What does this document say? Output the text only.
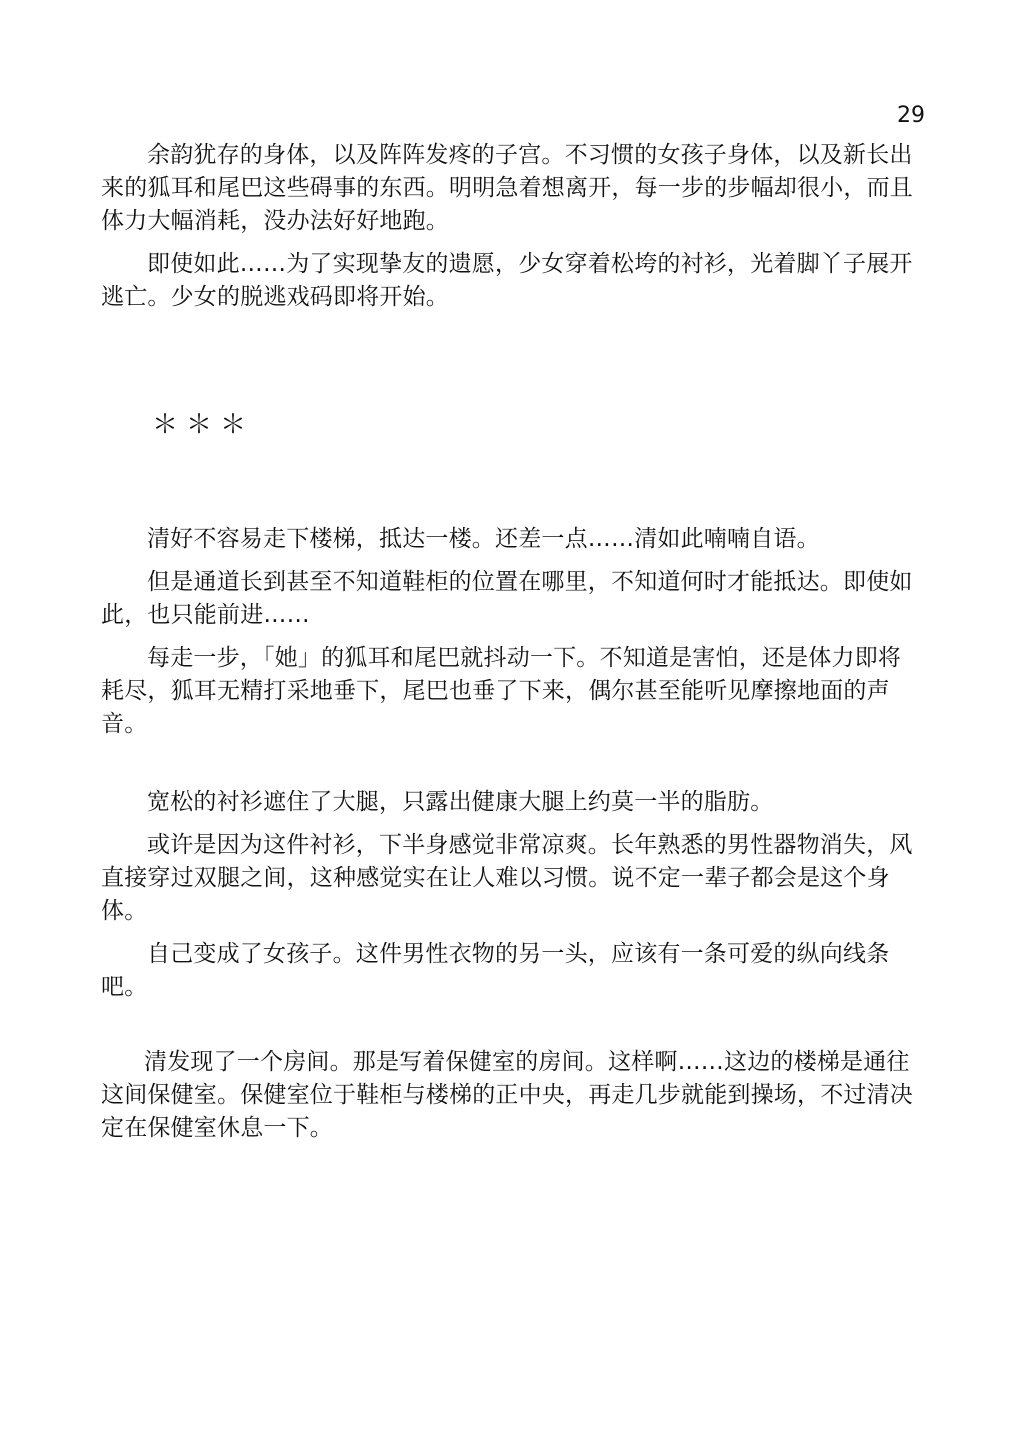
29

余韵犹存的身体，以及阵阵发疼的子宫。不习惯的女孩子身体，以及新长出来的狐耳和尾巴这些碍事的东西。明明急着想离开，每一步的步幅却很小，而且体力大幅消耗，没办法好好地跑。

即使如此……为了实现挚友的遗愿，少女穿着松垮的衬衫，光着脚丫子展开逃亡。少女的脱逃戏码即将开始。

＊＊＊

清好不容易走下楼梯，抵达一楼。还差一点……清如此喃喃自语。

但是通道长到甚至不知道鞋柜的位置在哪里，不知道何时才能抵达。即使如此，也只能前进……

每走一步，「她」的狐耳和尾巴就抖动一下。不知道是害怕，还是体力即将耗尽，狐耳无精打采地垂下，尾巴也垂了下来，偶尔甚至能听见摩擦地面的声音。

宽松的衬衫遮住了大腿，只露出健康大腿上约莫一半的脂肪。

或许是因为这件衬衫，下半身感觉非常凉爽。长年熟悉的男性器物消失，风直接穿过双腿之间，这种感觉实在让人难以习惯。说不定一辈子都会是这个身体。

自己变成了女孩子。这件男性衣物的另一头，应该有一条可爱的纵向线条吧。

清发现了一个房间。那是写着保健室的房间。这样啊……这边的楼梯是通往这间保健室。保健室位于鞋柜与楼梯的正中央，再走几步就能到操场，不过清决定在保健室休息一下。
